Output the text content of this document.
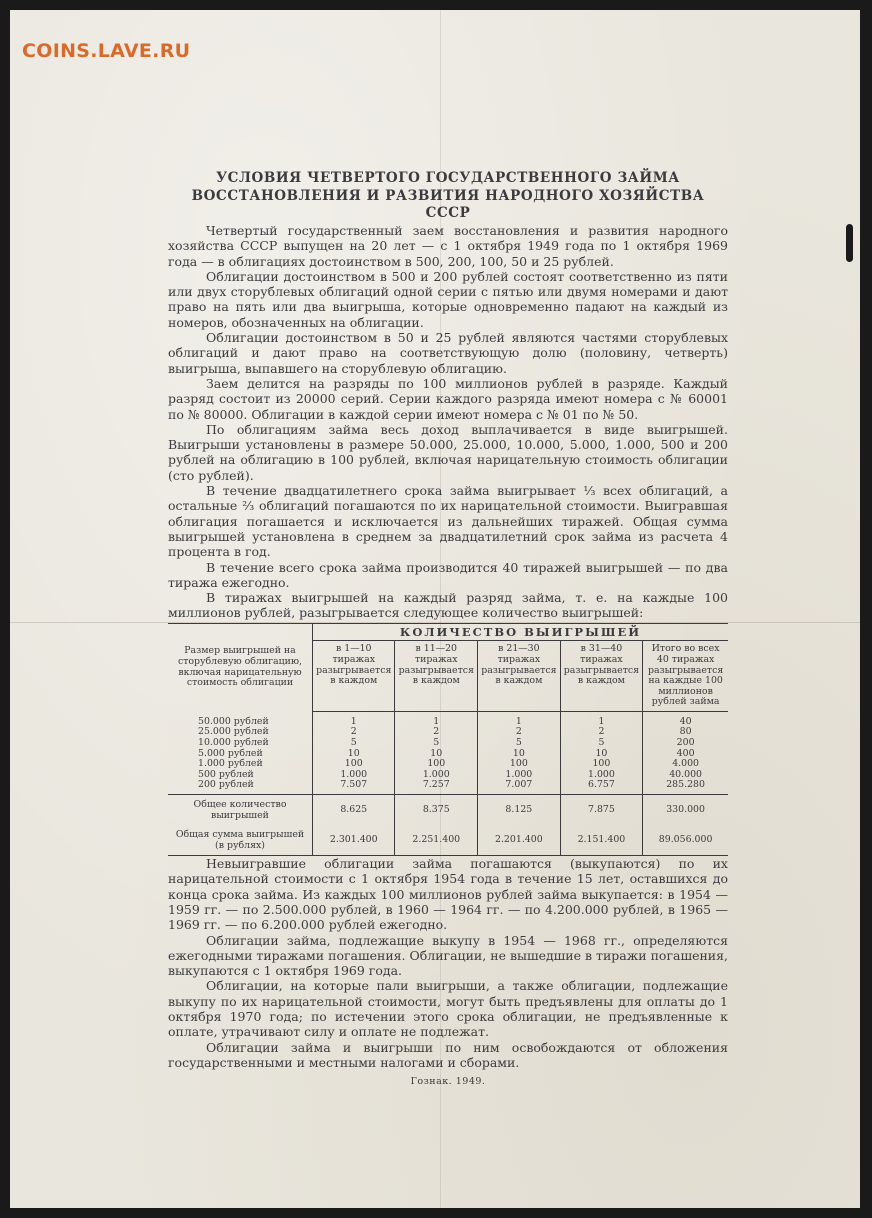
COINS.LAVE.RU
УСЛОВИЯ ЧЕТВЕРТОГО ГОСУДАРСТВЕННОГО ЗАЙМА
ВОССТАНОВЛЕНИЯ И РАЗВИТИЯ НАРОДНОГО ХОЗЯЙСТВА СССР

Четвертый государственный заем восстановления и развития народного хозяйства СССР выпущен на 20 лет — с 1 октября 1949 года по 1 октября 1969 года — в облигациях достоинством в 500, 200, 100, 50 и 25 рублей.

Облигации достоинством в 500 и 200 рублей состоят соответственно из пяти или двух сторублевых облигаций одной серии с пятью или двумя номерами и дают право на пять или два выигрыша, которые одновременно падают на каждый из номеров, обозначенных на облигации.

Облигации достоинством в 50 и 25 рублей являются частями сторублевых облигаций и дают право на соответствующую долю (половину, четверть) выигрыша, выпавшего на сторублевую облигацию.

Заем делится на разряды по 100 миллионов рублей в разряде. Каждый разряд состоит из 20000 серий. Серии каждого разряда имеют номера с № 60001 по № 80000. Облигации в каждой серии имеют номера с № 01 по № 50.

По облигациям займа весь доход выплачивается в виде выигрышей. Выигрыши установлены в размере 50.000, 25.000, 10.000, 5.000, 1.000, 500 и 200 рублей на облигацию в 100 рублей, включая нарицательную стоимость облигации (сто рублей).

В течение двадцатилетнего срока займа выигрывает ⅓ всех облигаций, а остальные ⅔ облигаций погашаются по их нарицательной стоимости. Выигравшая облигация погашается и исключается из дальнейших тиражей. Общая сумма выигрышей установлена в среднем за двадцатилетний срок займа из расчета 4 процента в год.

В течение всего срока займа производится 40 тиражей выигрышей — по два тиража ежегодно.

В тиражах выигрышей на каждый разряд займа, т. е. на каждые 100 миллионов рублей, разыгрывается следующее количество выигрышей:

Размер выигрышей на сторублевую облигацию, включая нарицательную стоимость облигации	КОЛИЧЕСТВО ВЫИГРЫШЕЙ				
	в 1—10 тиражах разыгрывается в каждом	в 11—20 тиражах разыгрывается в каждом	в 21—30 тиражах разыгрывается в каждом	в 31—40 тиражах разыгрывается в каждом	Итого во всех 40 тиражах разыгрывается на каждые 100 миллионов рублей займа
50.000 рублей	1	1	1	1	40
25.000 рублей	2	2	2	2	80
10.000 рублей	5	5	5	5	200
5.000 рублей	10	10	10	10	400
1.000 рублей	100	100	100	100	4.000
500 рублей	1.000	1.000	1.000	1.000	40.000
200 рублей	7.507	7.257	7.007	6.757	285.280
Общее количество выигрышей	8.625	8.375	8.125	7.875	330.000
Общая сумма выигрышей (в рублях)	2.301.400	2.251.400	2.201.400	2.151.400	89.056.000

Невыигравшие облигации займа погашаются (выкупаются) по их нарицательной стоимости с 1 октября 1954 года в течение 15 лет, оставшихся до конца срока займа. Из каждых 100 миллионов рублей займа выкупается: в 1954 — 1959 гг. — по 2.500.000 рублей, в 1960 — 1964 гг. — по 4.200.000 рублей, в 1965 — 1969 гг. — по 6.200.000 рублей ежегодно.

Облигации займа, подлежащие выкупу в 1954 — 1968 гг., определяются ежегодными тиражами погашения. Облигации, не вышедшие в тиражи погашения, выкупаются с 1 октября 1969 года.

Облигации, на которые пали выигрыши, а также облигации, подлежащие выкупу по их нарицательной стоимости, могут быть предъявлены для оплаты до 1 октября 1970 года; по истечении этого срока облигации, не предъявленные к оплате, утрачивают силу и оплате не подлежат.

Облигации займа и выигрыши по ним освобождаются от обложения государственными и местными налогами и сборами.

Гознак. 1949.
